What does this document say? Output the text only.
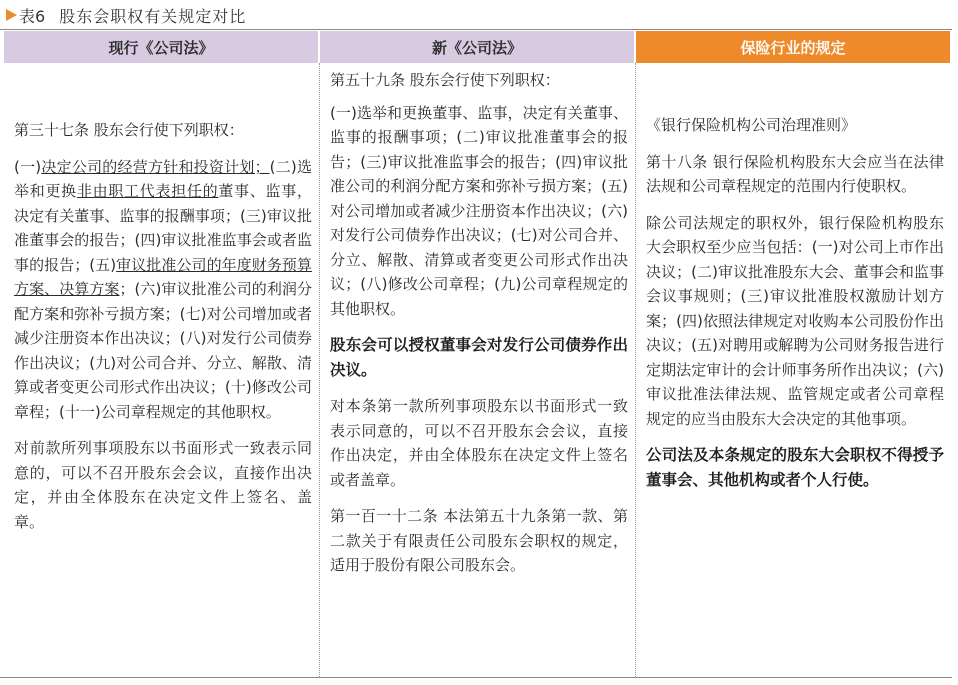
表6 股东会职权有关规定对比
现行《公司法》	新《公司法》	保险行业的规定

第三十七条 股东会行使下列职权：

(一)决定公司的经营方针和投资计划；(二)选举和更换非由职工代表担任的董事、监事，决定有关董事、监事的报酬事项；(三)审议批准董事会的报告；(四)审议批准监事会或者监事的报告；(五)审议批准公司的年度财务预算方案、决算方案；(六)审议批准公司的利润分配方案和弥补亏损方案；(七)对公司增加或者减少注册资本作出决议；(八)对发行公司债券作出决议；(九)对公司合并、分立、解散、清算或者变更公司形式作出决议；(十)修改公司章程；(十一)公司章程规定的其他职权。

对前款所列事项股东以书面形式一致表示同意的，可以不召开股东会会议，直接作出决定，并由全体股东在决定文件上签名、盖章。

第五十九条 股东会行使下列职权：

(一)选举和更换董事、监事，决定有关董事、监事的报酬事项；(二)审议批准董事会的报告；(三)审议批准监事会的报告；(四)审议批准公司的利润分配方案和弥补亏损方案；(五)对公司增加或者减少注册资本作出决议；(六)对发行公司债券作出决议；(七)对公司合并、分立、解散、清算或者变更公司形式作出决议；(八)修改公司章程；(九)公司章程规定的其他职权。

股东会可以授权董事会对发行公司债券作出决议。

对本条第一款所列事项股东以书面形式一致表示同意的，可以不召开股东会会议，直接作出决定，并由全体股东在决定文件上签名或者盖章。

第一百一十二条 本法第五十九条第一款、第二款关于有限责任公司股东会职权的规定，适用于股份有限公司股东会。

《银行保险机构公司治理准则》

第十八条 银行保险机构股东大会应当在法律法规和公司章程规定的范围内行使职权。

除公司法规定的职权外，银行保险机构股东大会职权至少应当包括：(一)对公司上市作出决议；(二)审议批准股东大会、董事会和监事会议事规则；(三)审议批准股权激励计划方案；(四)依照法律规定对收购本公司股份作出决议；(五)对聘用或解聘为公司财务报告进行定期法定审计的会计师事务所作出决议；(六)审议批准法律法规、监管规定或者公司章程规定的应当由股东大会决定的其他事项。

公司法及本条规定的股东大会职权不得授予董事会、其他机构或者个人行使。
